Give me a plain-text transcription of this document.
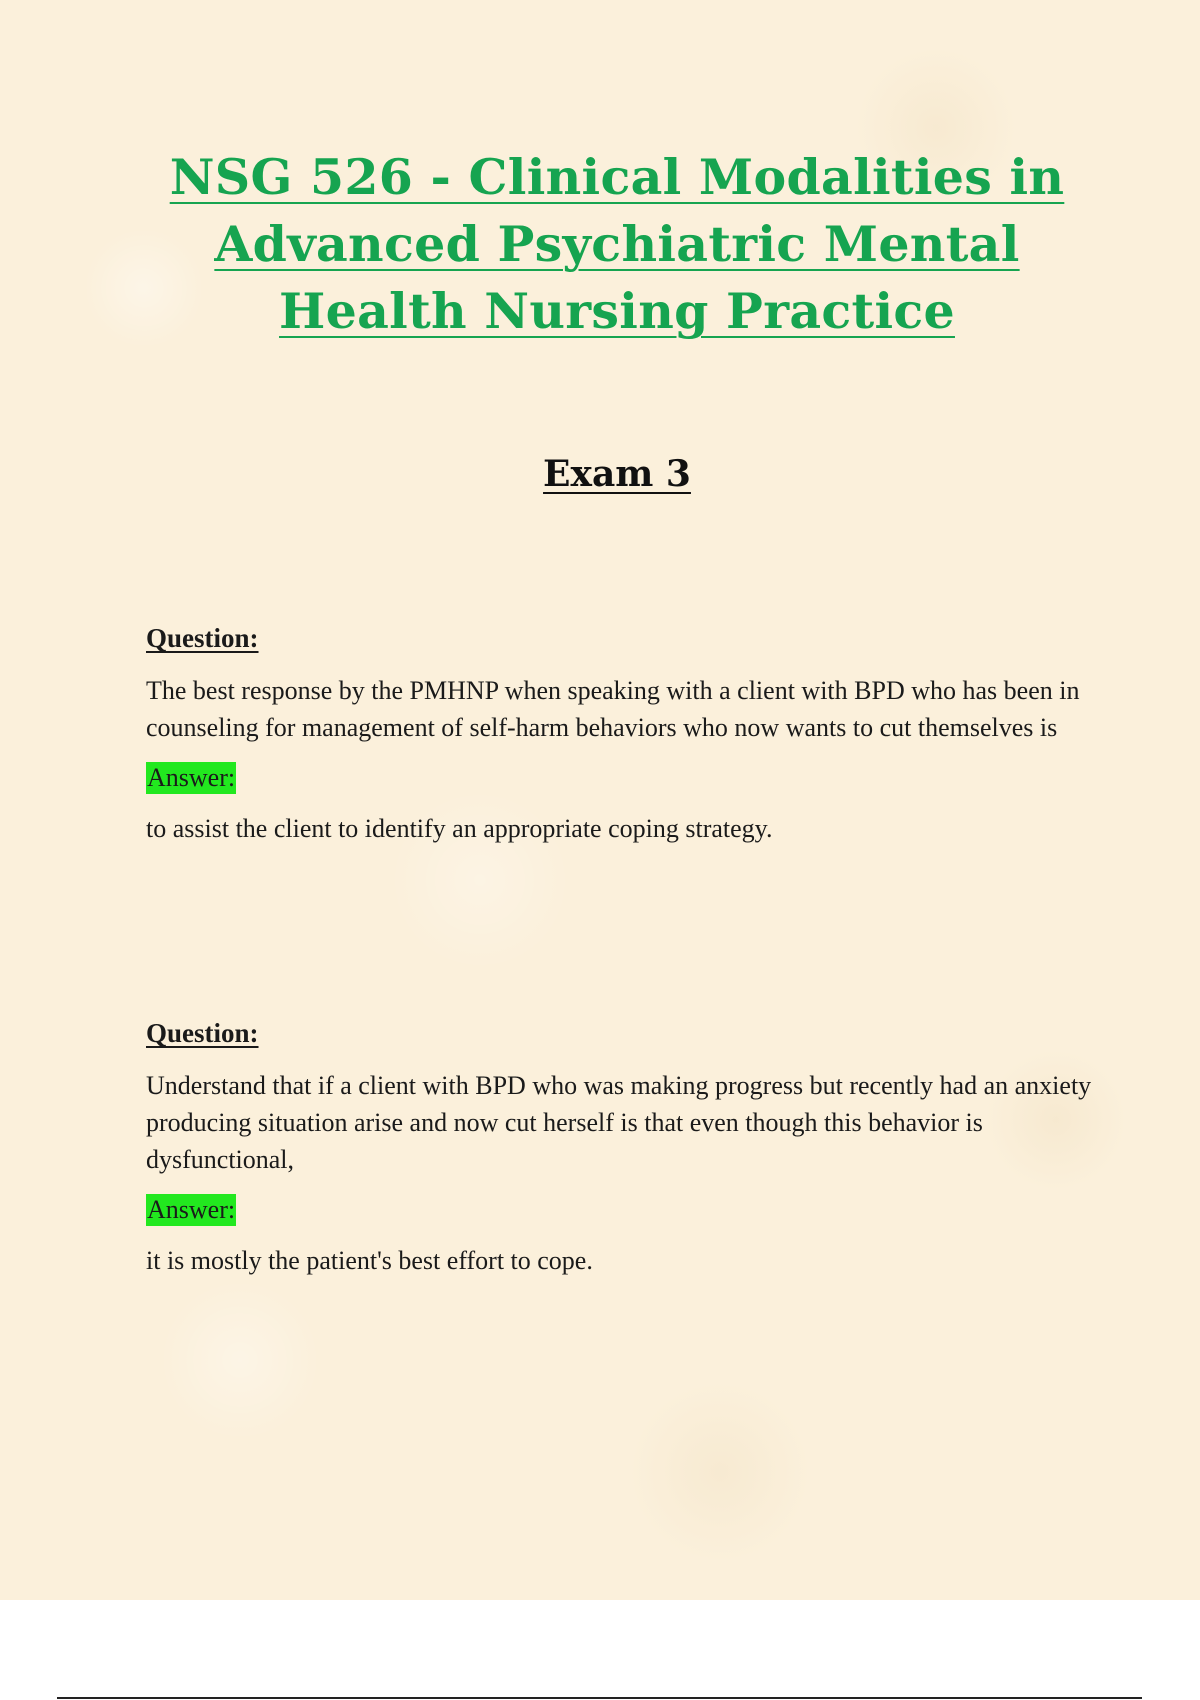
NSG 526 - Clinical Modalities in
Advanced Psychiatric Mental
Health Nursing Practice
Exam 3
Question:

The best response by the PMHNP when speaking with a client with BPD who has been in counseling for management of self-harm behaviors who now wants to cut themselves is

Answer:

to assist the client to identify an appropriate coping strategy.

Question:

Understand that if a client with BPD who was making progress but recently had an anxiety producing situation arise and now cut herself is that even though this behavior is dysfunctional,

Answer:

it is mostly the patient's best effort to cope.
